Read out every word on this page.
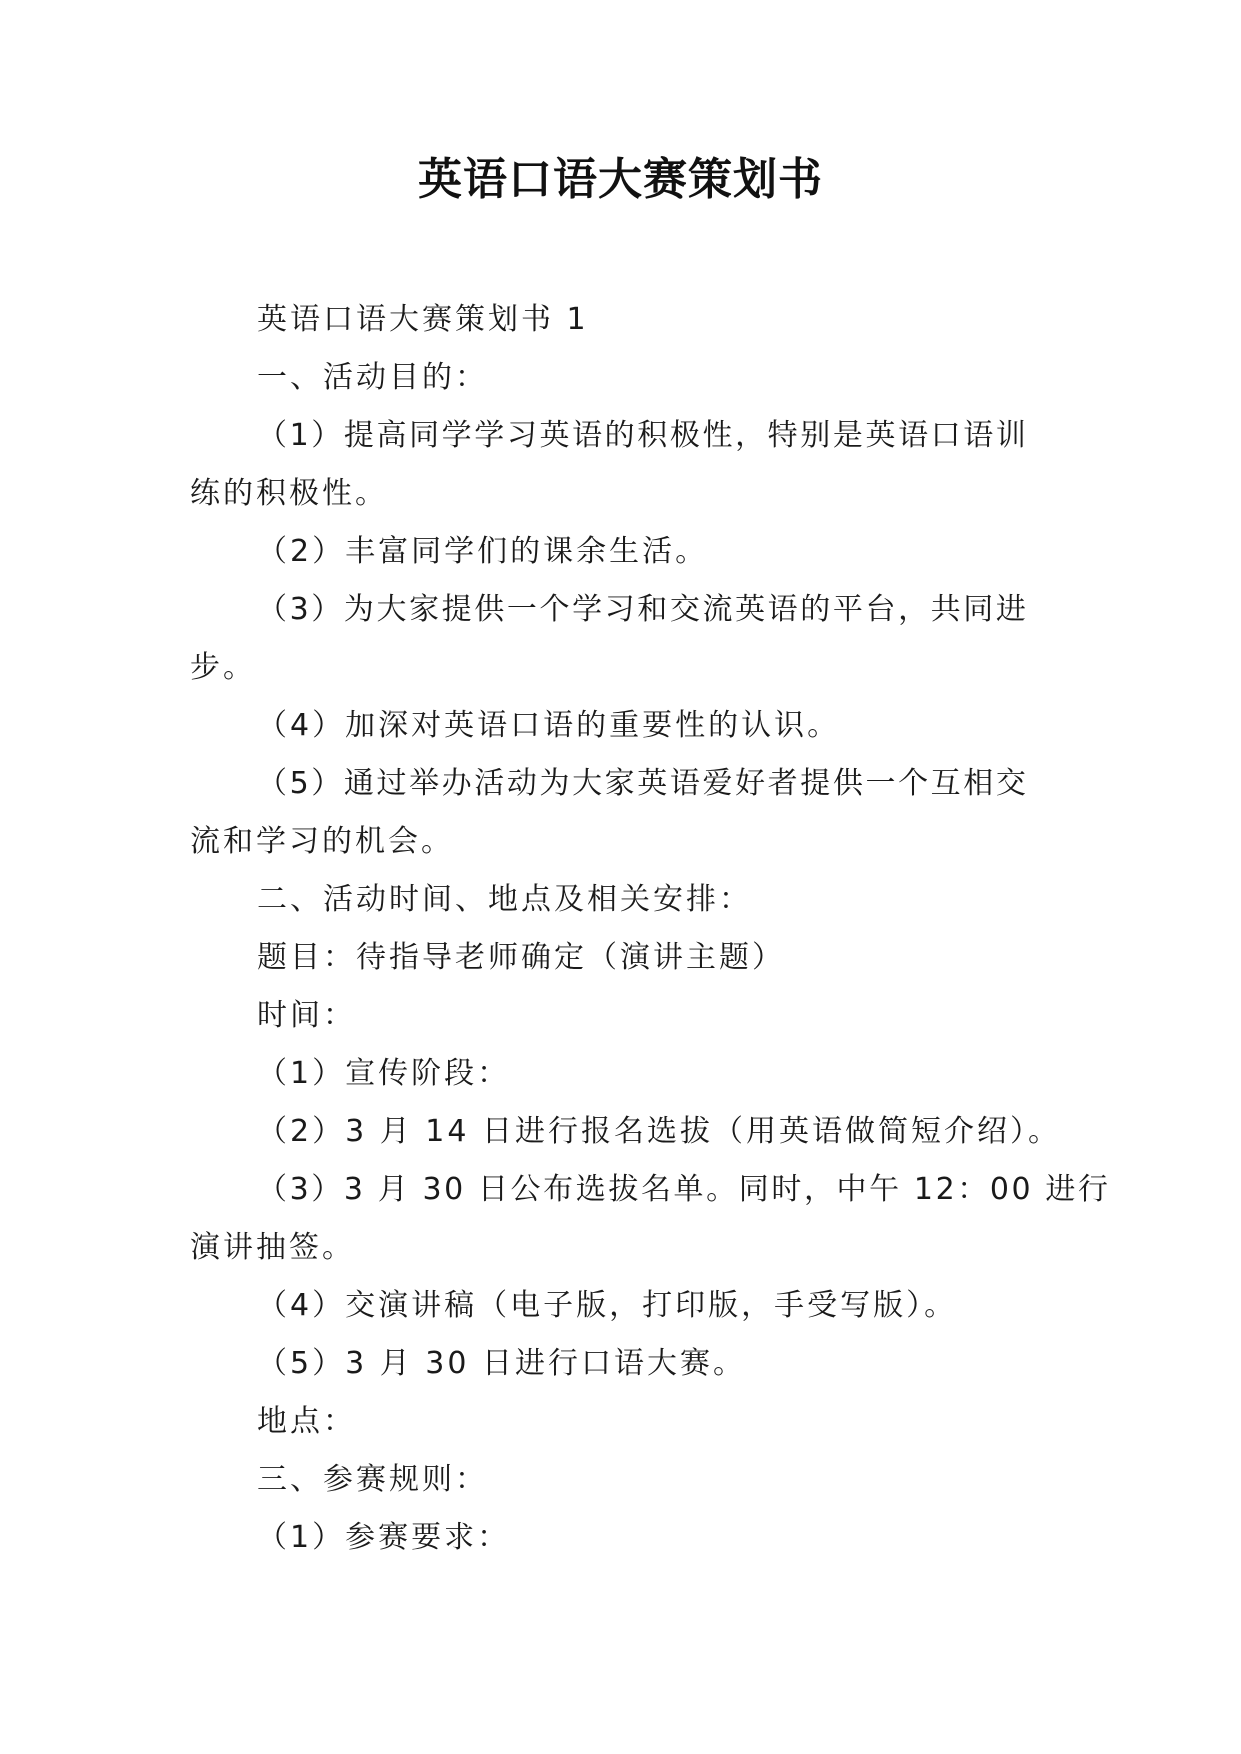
英语口语大赛策划书

英语口语大赛策划书 1

一、活动目的：

（1）提高同学学习英语的积极性，特别是英语口语训

练的积极性。

（2）丰富同学们的课余生活。

（3）为大家提供一个学习和交流英语的平台，共同进

步。

（4）加深对英语口语的重要性的认识。

（5）通过举办活动为大家英语爱好者提供一个互相交

流和学习的机会。

二、活动时间、地点及相关安排：

题目：待指导老师确定（演讲主题）

时间：

（1）宣传阶段：

（2）3 月 14 日进行报名选拔（用英语做简短介绍）。

（3）3 月 30 日公布选拔名单。同时，中午 12：00 进行

演讲抽签。

（4）交演讲稿（电子版，打印版，手受写版）。

（5）3 月 30 日进行口语大赛。

地点：

三、参赛规则：

（1）参赛要求：
